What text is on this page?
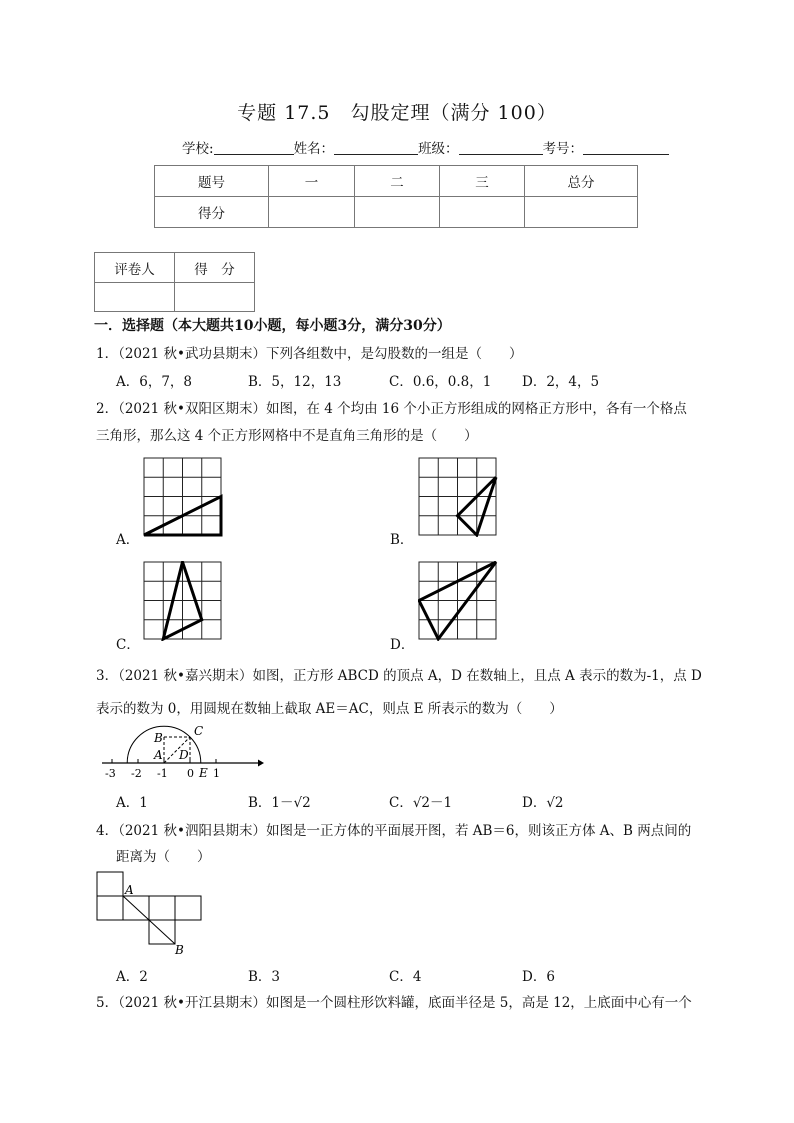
专题 17.5　勾股定理（满分 100）
学校:	姓名：	班级：	考号：
题号	一	二	三	总分
得分				
评卷人	得　分

一．选择题（本大题共10小题，每小题3分，满分30分）
1．（2021 秋•武功县期末）下列各组数中，是勾股数的一组是（　　）
A．6，7，8	B．5，12，13	C．0.6，0.8，1 D．2，4，5
2．（2021 秋•双阳区期末）如图，在 4 个均由 16 个小正方形组成的网格正方形中，各有一个格点
三角形，那么这 4 个正方形网格中不是直角三角形的是（　　）
A．	B．
C．	D．
3．（2021 秋•嘉兴期末）如图，正方形 ABCD 的顶点 A，D 在数轴上，且点 A 表示的数为-1，点 D
表示的数为 0，用圆规在数轴上截取 AE＝AC，则点 E 所表示的数为（　　）
B	C
A D
E
-3 -2 -1 0 1
A．1	B．1－√2	C．√2－1	D．√2
4．（2021 秋•泗阳县期末）如图是一正方体的平面展开图，若 AB＝6，则该正方体 A、B 两点间的
距离为（　　）
A
B
A．2	B．3	C．4	D．6
5．（2021 秋•开江县期末）如图是一个圆柱形饮料罐，底面半径是 5，高是 12，上底面中心有一个
